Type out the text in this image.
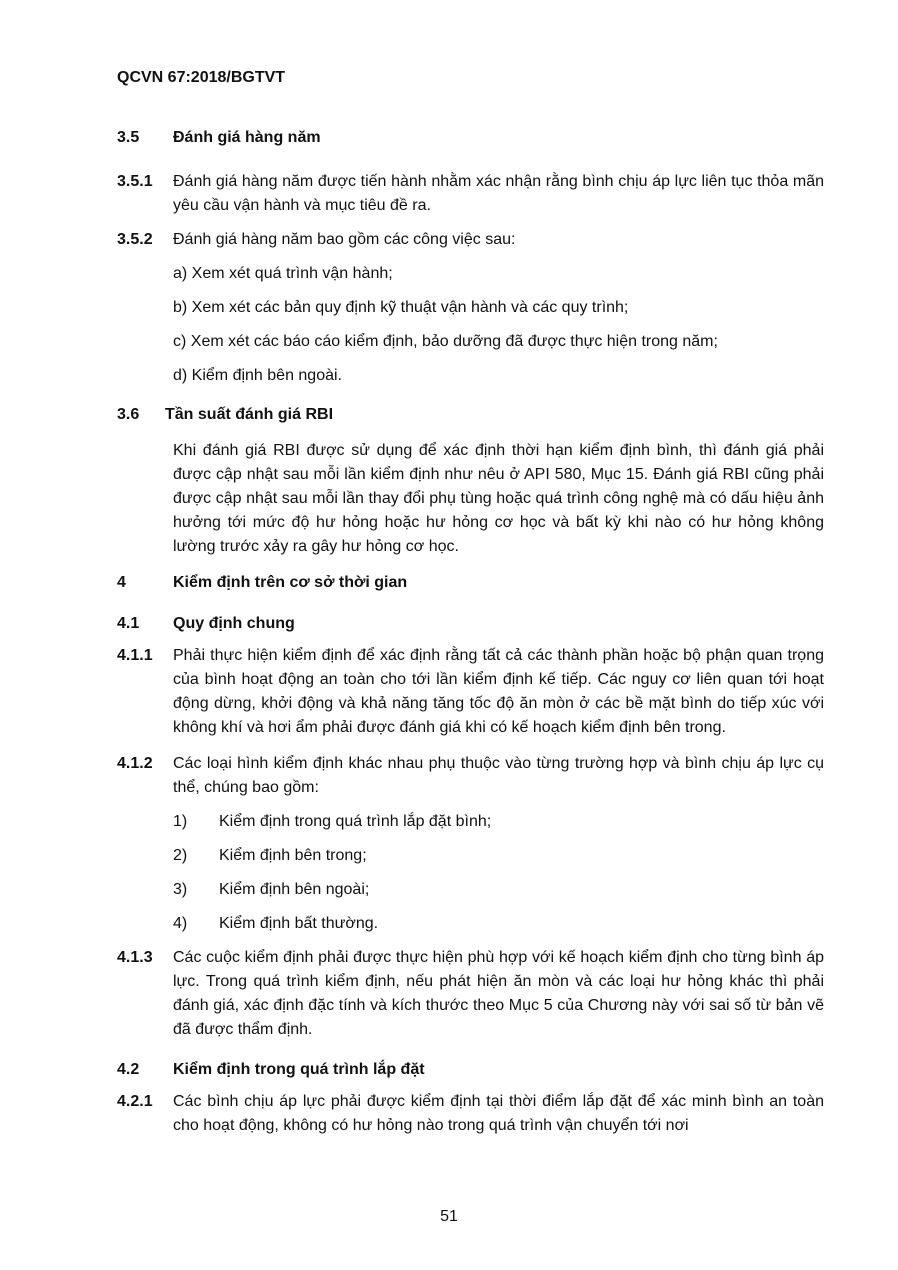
QCVN 67:2018/BGTVT
3.5	Đánh giá hàng năm
3.5.1	Đánh giá hàng năm được tiến hành nhằm xác nhận rằng bình chịu áp lực liên tục thỏa mãn yêu cầu vận hành và mục tiêu đề ra.
3.5.2	Đánh giá hàng năm bao gồm các công việc sau:
a) Xem xét quá trình vận hành;
b) Xem xét các bản quy định kỹ thuật vận hành và các quy trình;
c) Xem xét các báo cáo kiểm định, bảo dưỡng đã được thực hiện trong năm;
d) Kiểm định bên ngoài.
3.6	Tần suất đánh giá RBI
Khi đánh giá RBI được sử dụng để xác định thời hạn kiểm định bình, thì đánh giá phải được cập nhật sau mỗi lần kiểm định như nêu ở API 580, Mục 15. Đánh giá RBI cũng phải được cập nhật sau mỗi lần thay đổi phụ tùng hoặc quá trình công nghệ mà có dấu hiệu ảnh hưởng tới mức độ hư hỏng hoặc hư hỏng cơ học và bất kỳ khi nào có hư hỏng không lường trước xảy ra gây hư hỏng cơ học.
4	Kiểm định trên cơ sở thời gian
4.1	Quy định chung
4.1.1	Phải thực hiện kiểm định để xác định rằng tất cả các thành phần hoặc bộ phận quan trọng của bình hoạt động an toàn cho tới lần kiểm định kế tiếp. Các nguy cơ liên quan tới hoạt động dừng, khởi động và khả năng tăng tốc độ ăn mòn ở các bề mặt bình do tiếp xúc với không khí và hơi ẩm phải được đánh giá khi có kế hoạch kiểm định bên trong.
4.1.2	Các loại hình kiểm định khác nhau phụ thuộc vào từng trường hợp và bình chịu áp lực cụ thể, chúng bao gồm:
1)	Kiểm định trong quá trình lắp đặt bình;
2)	Kiểm định bên trong;
3)	Kiểm định bên ngoài;
4)	Kiểm định bất thường.
4.1.3	Các cuộc kiểm định phải được thực hiện phù hợp với kế hoạch kiểm định cho từng bình áp lực. Trong quá trình kiểm định, nếu phát hiện ăn mòn và các loại hư hỏng khác thì phải đánh giá, xác định đặc tính và kích thước theo Mục 5 của Chương này với sai số từ bản vẽ đã được thẩm định.
4.2	Kiểm định trong quá trình lắp đặt
4.2.1	Các bình chịu áp lực phải được kiểm định tại thời điểm lắp đặt để xác minh bình an toàn cho hoạt động, không có hư hỏng nào trong quá trình vận chuyển tới nơi
51
